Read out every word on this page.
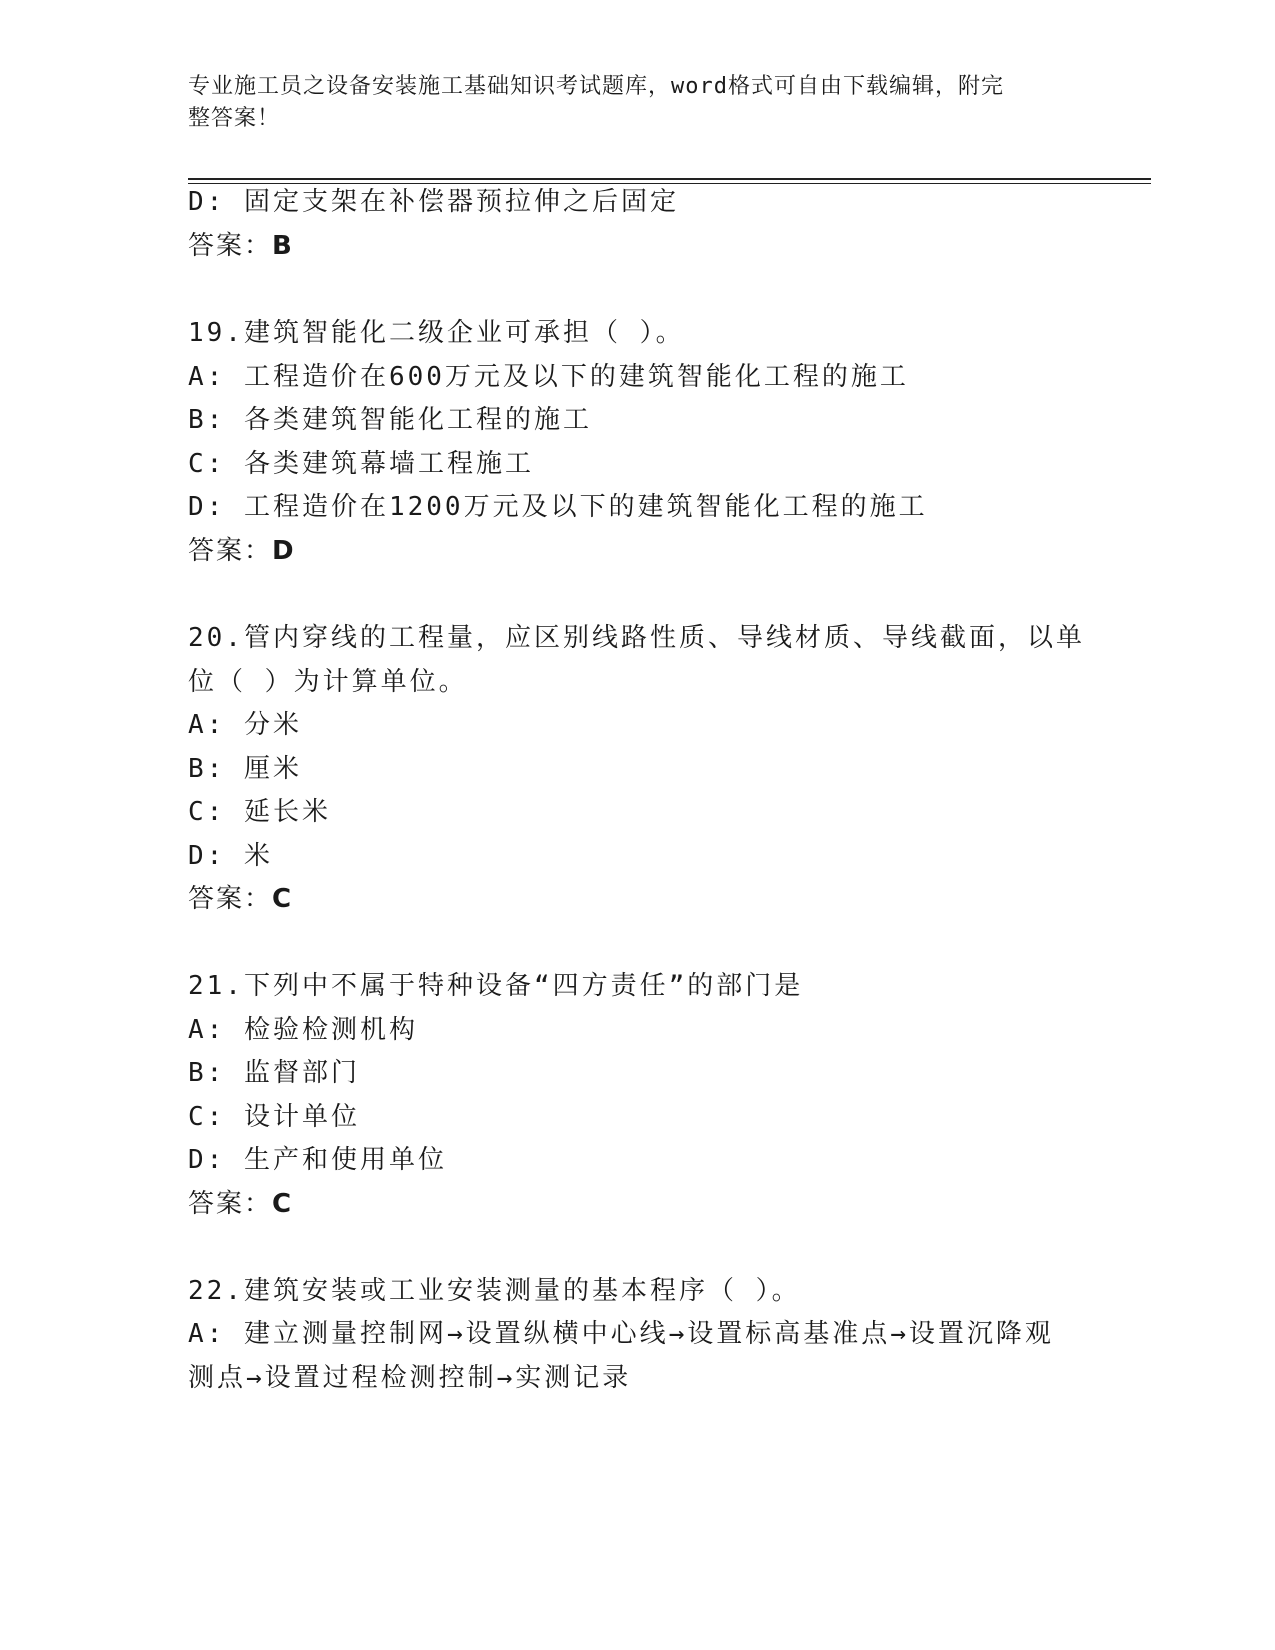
专业施工员之设备安装施工基础知识考试题库，word格式可自由下载编辑，附完
整答案！
D: 固定支架在补偿器预拉伸之后固定
答案：B
19.建筑智能化二级企业可承担（ ）。
A: 工程造价在600万元及以下的建筑智能化工程的施工
B: 各类建筑智能化工程的施工
C: 各类建筑幕墙工程施工
D: 工程造价在1200万元及以下的建筑智能化工程的施工
答案：D
20.管内穿线的工程量，应区别线路性质、导线材质、导线截面，以单
位（ ）为计算单位。
A: 分米
B: 厘米
C: 延长米
D: 米
答案：C
21.下列中不属于特种设备“四方责任”的部门是
A: 检验检测机构
B: 监督部门
C: 设计单位
D: 生产和使用单位
答案：C
22.建筑安装或工业安装测量的基本程序（ ）。
A: 建立测量控制网→设置纵横中心线→设置标高基准点→设置沉降观
测点→设置过程检测控制→实测记录
